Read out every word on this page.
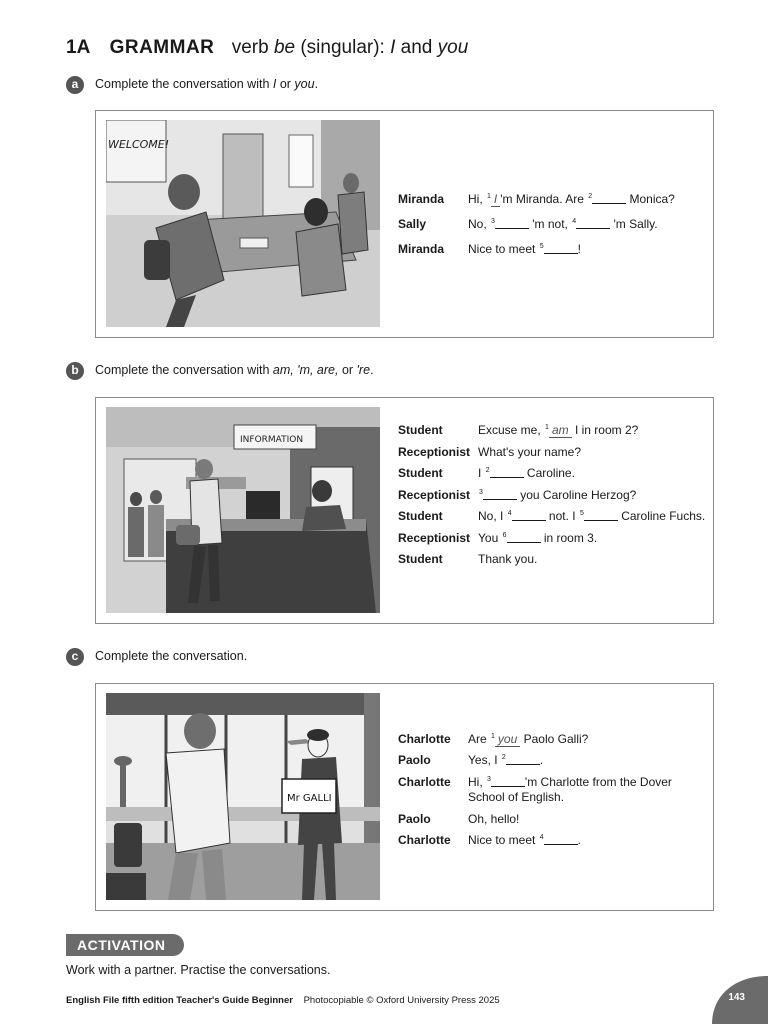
1A GRAMMAR verb be (singular): I and you
a	Complete the conversation with I or you.
WELCOME!
Miranda Hi, $^1$ I 'm Miranda. Are $^2$	Monica?
Sally	No, $^3$	'm not, $^4$	'm Sally.
Miranda Nice to meet $^5$	!
b	Complete the conversation with am, 'm, are, or 're.
INFORMATION
Student	Excuse me, $^1$ am I in room 2?
Receptionist What's your name?
Student	I $^2$	Caroline.
Receptionist $^3$	you Caroline Herzog?
Student	No, I $^4$	not. I $^5$	Caroline Fuchs.
Receptionist You $^6$	in room 3.
Student	Thank you.
c	Complete the conversation.
Mr GALLI
Charlotte Are $^1$ you Paolo Galli?
Paolo	Yes, I $^2$	.
Charlotte Hi, $^3$	'm Charlotte from the Dover
School of English.
Paolo	Oh, hello!
Charlotte Nice to meet $^4$	.
ACTIVATION
Work with a partner. Practise the conversations.
English File fifth edition Teacher's Guide Beginner Photocopiable © Oxford University Press 2025	143
